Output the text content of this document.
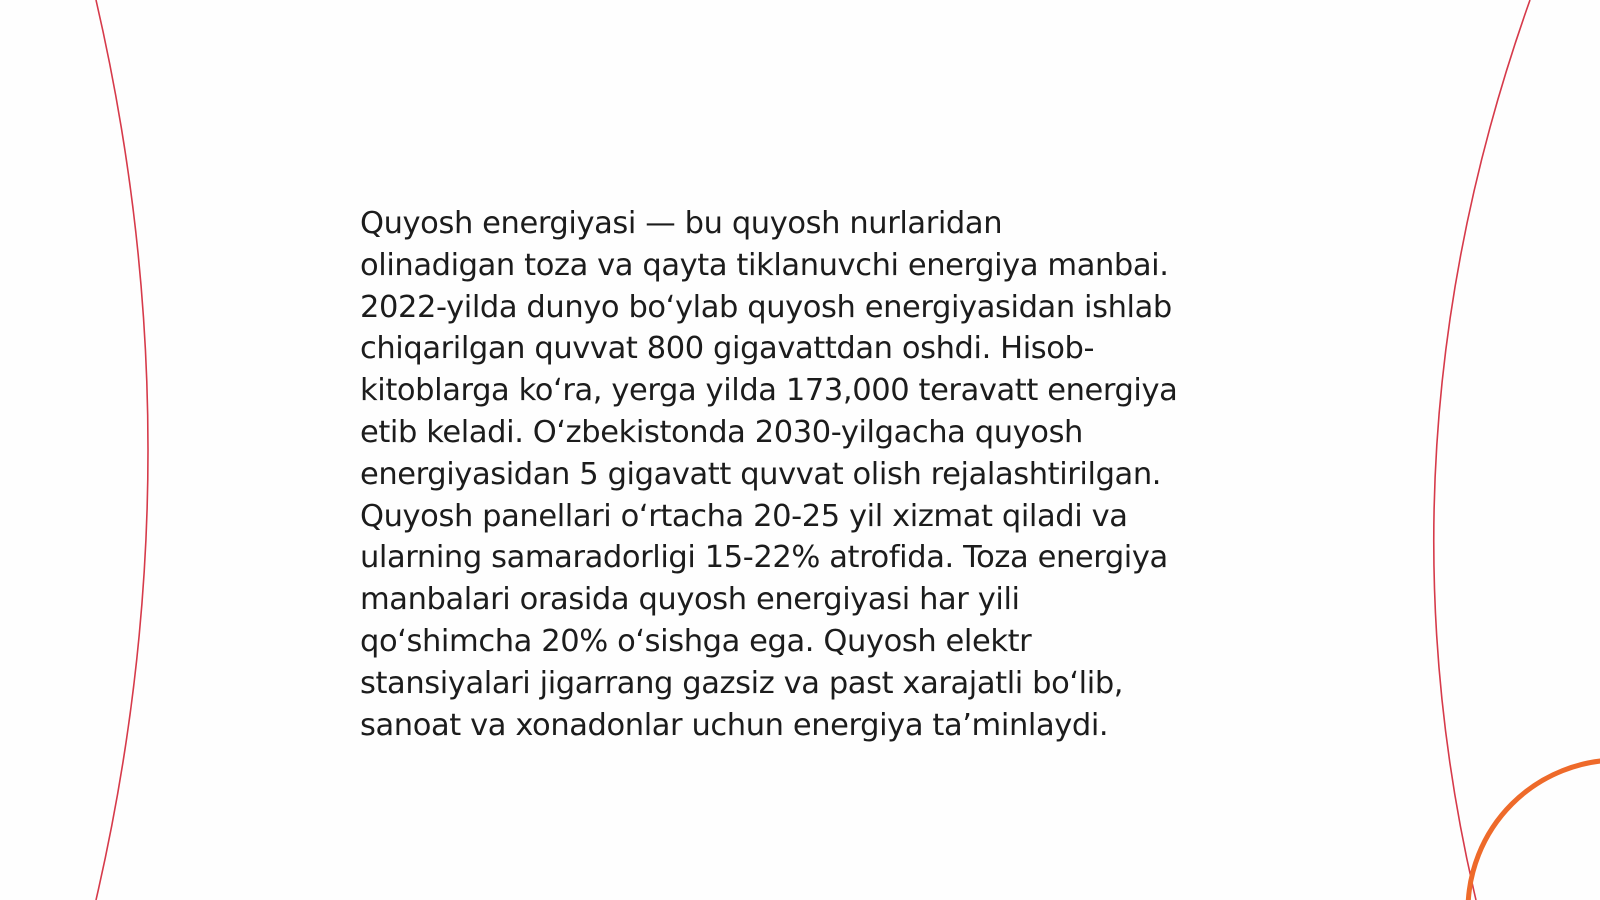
Quyosh energiyasi — bu quyosh nurlaridan
olinadigan toza va qayta tiklanuvchi energiya manbai.
2022-yilda dunyo boʻylab quyosh energiyasidan ishlab
chiqarilgan quvvat 800 gigavattdan oshdi. Hisob-
kitoblarga koʻra, yerga yilda 173,000 teravatt energiya
etib keladi. Oʻzbekistonda 2030-yilgacha quyosh
energiyasidan 5 gigavatt quvvat olish rejalashtirilgan.
Quyosh panellari oʻrtacha 20-25 yil xizmat qiladi va
ularning samaradorligi 15-22% atrofida. Toza energiya
manbalari orasida quyosh energiyasi har yili
qoʻshimcha 20% oʻsishga ega. Quyosh elektr
stansiyalari jigarrang gazsiz va past xarajatli boʻlib,
sanoat va xonadonlar uchun energiya taʼminlaydi.
